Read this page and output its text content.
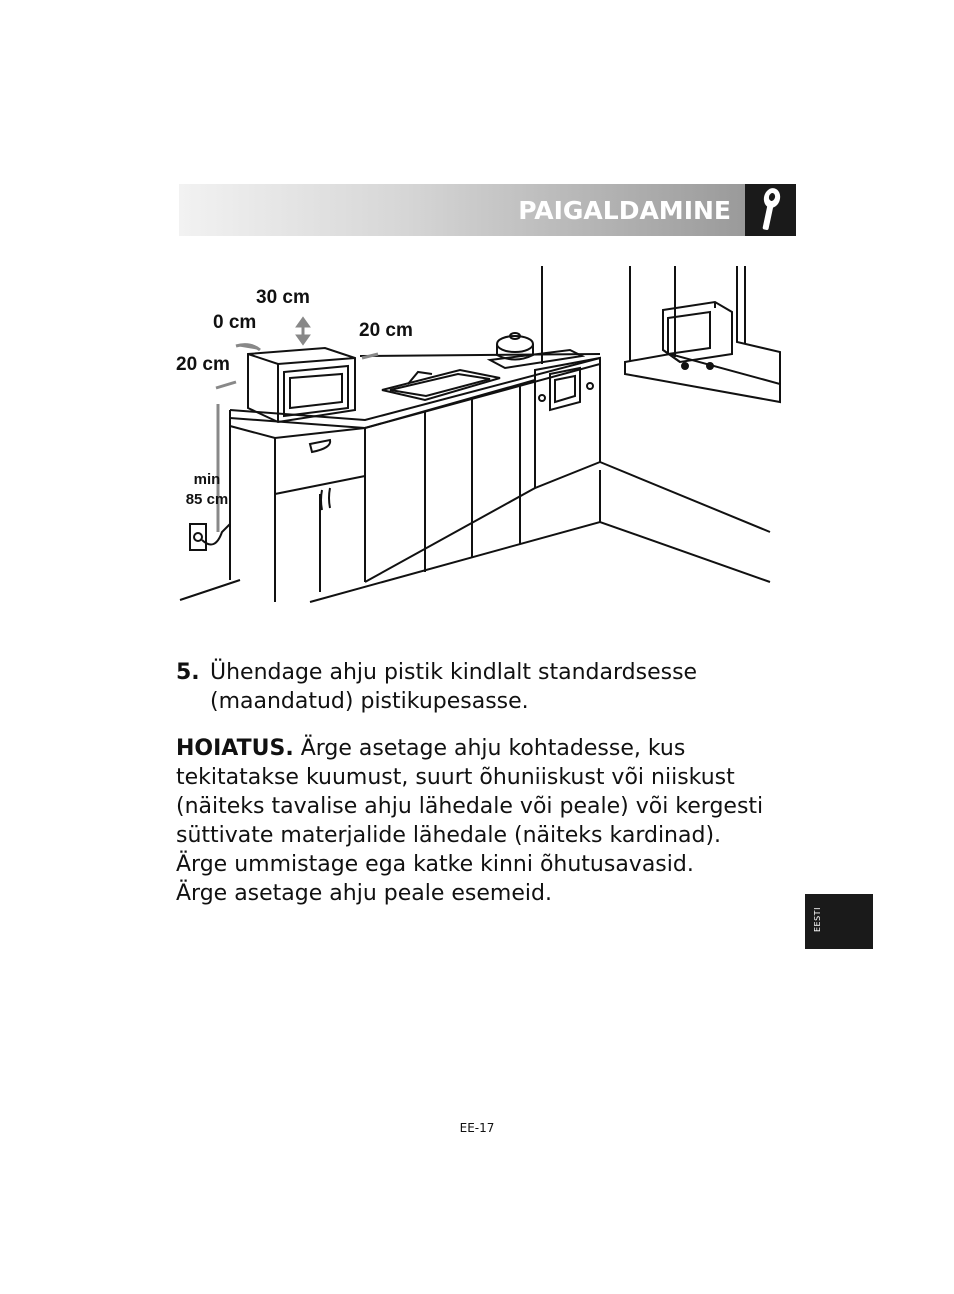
PAIGALDAMINE
30 cm
0 cm	20 cm
20 cm
min
85 cm
5. Ühendage ahju pistik kindlalt standardsesse (maandatud) pistikupesasse.

HOIATUS. Ärge asetage ahju kohtadesse, kus tekitatakse kuumust, suurt õhuniiskust või niiskust (näiteks tavalise ahju lähedale või peale) või kergesti süttivate materjalide lähedale (näiteks kardinad).

Ärge ummistage ega katke kinni õhutusavasid.

Ärge asetage ahju peale esemeid.

EESTI
EE-17
